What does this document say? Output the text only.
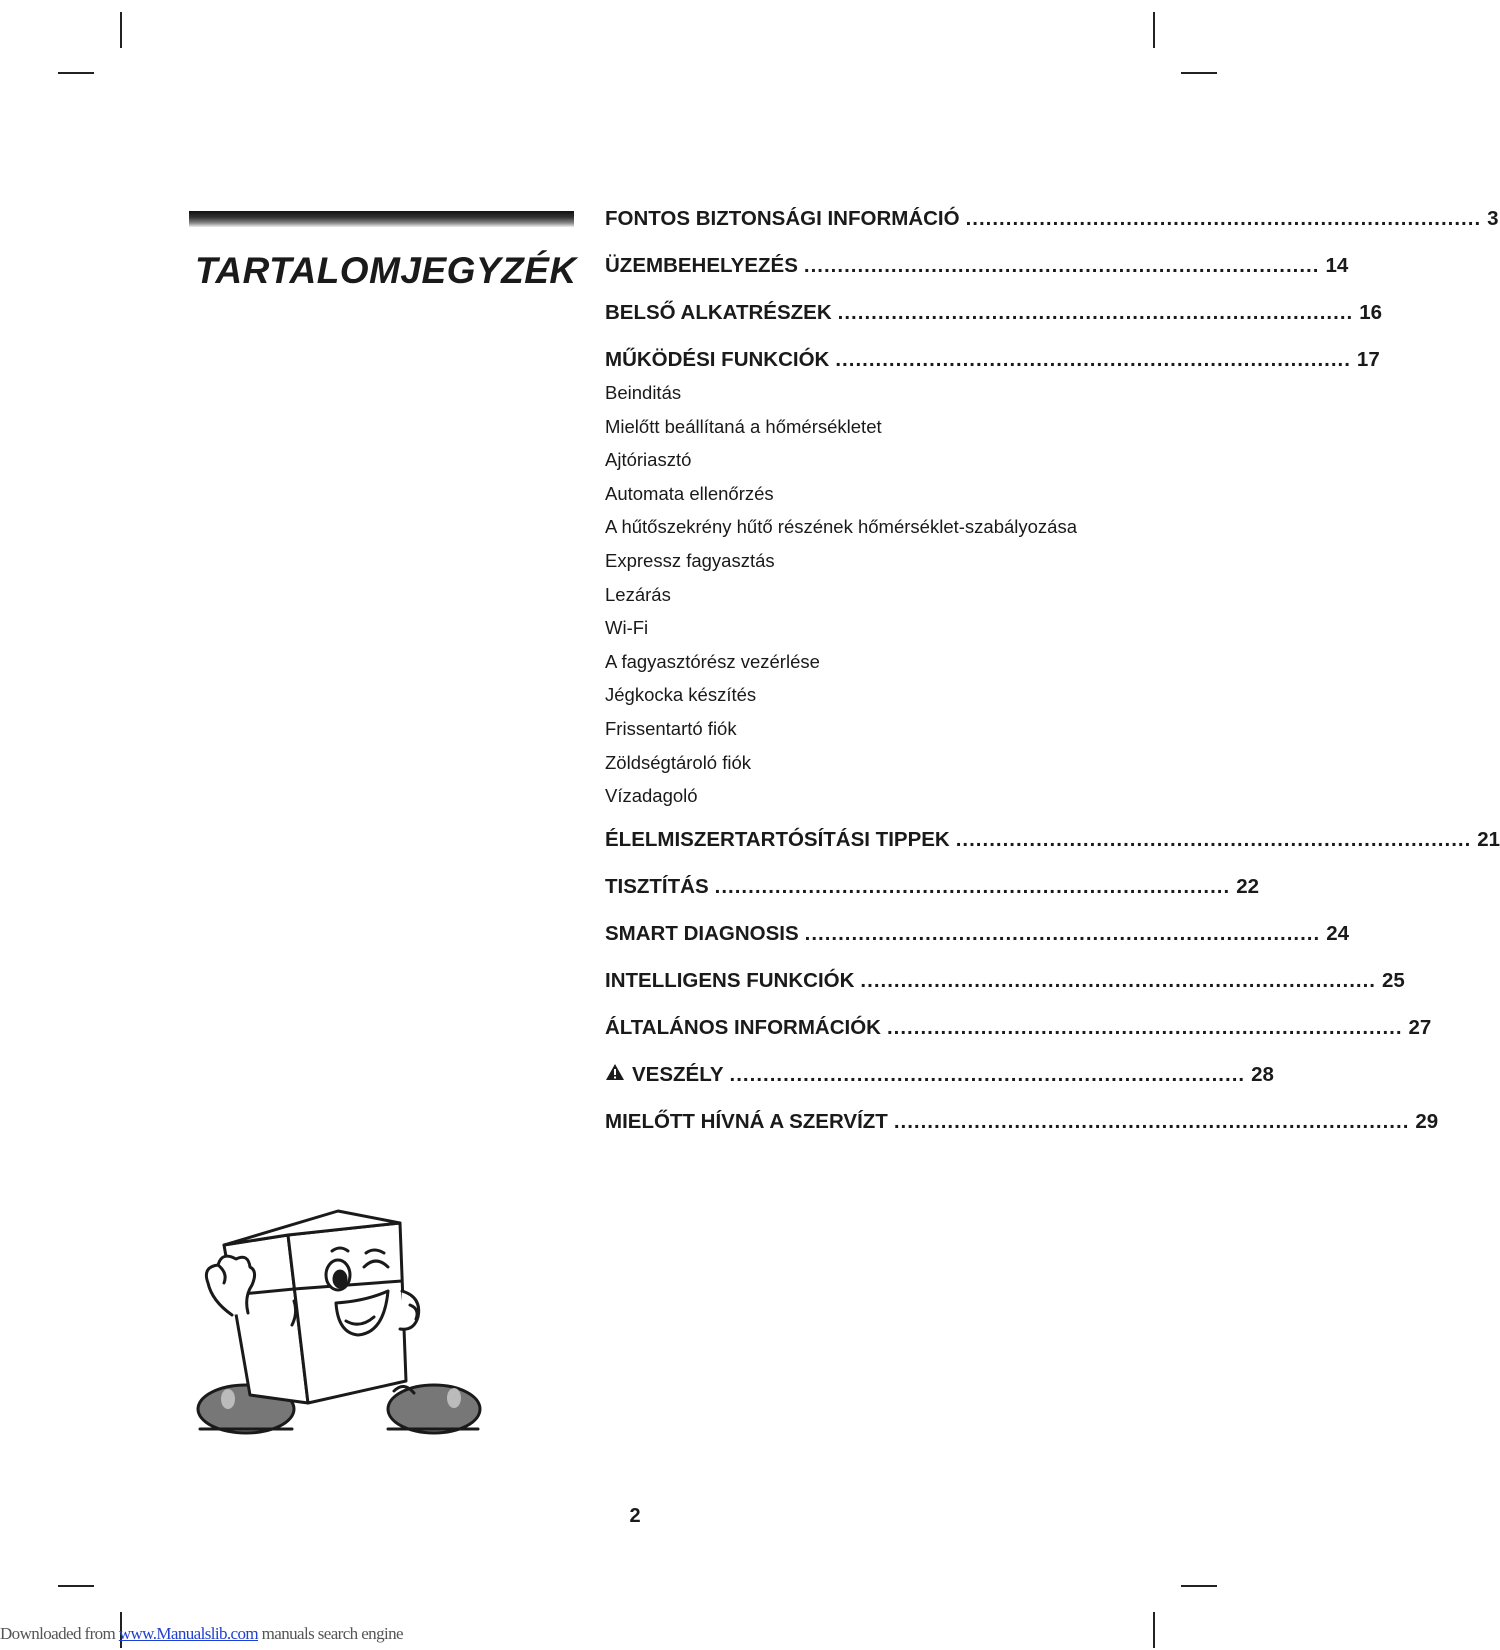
TARTALOMJEGYZÉK
FONTOS BIZTONSÁGI INFORMÁCIÓ ............................................................................. 3
ÜZEMBEHELYEZÉS ............................................................................. 14
BELSŐ ALKATRÉSZEK ............................................................................. 16
MŰKÖDÉSI FUNKCIÓK ............................................................................. 17
Beinditás
Mielőtt beállítaná a hőmérsékletet
Ajtóriasztó
Automata ellenőrzés
A hűtőszekrény hűtő részének hőmérséklet-szabályozása
Expressz fagyasztás
Lezárás
Wi-Fi
A fagyasztórész vezérlése
Jégkocka készítés
Frissentartó fiók
Zöldségtároló fiók
Vízadagoló
ÉLELMISZERTARTÓSÍTÁSI TIPPEK ............................................................................. 21
TISZTÍTÁS ............................................................................. 22
SMART DIAGNOSIS ............................................................................. 24
INTELLIGENS FUNKCIÓK ............................................................................. 25
ÁLTALÁNOS INFORMÁCIÓK ............................................................................. 27
VESZÉLY ............................................................................. 28
MIELŐTT HÍVNÁ A SZERVÍZT ............................................................................. 29
2
Downloaded from www.Manualslib.com manuals search engine
